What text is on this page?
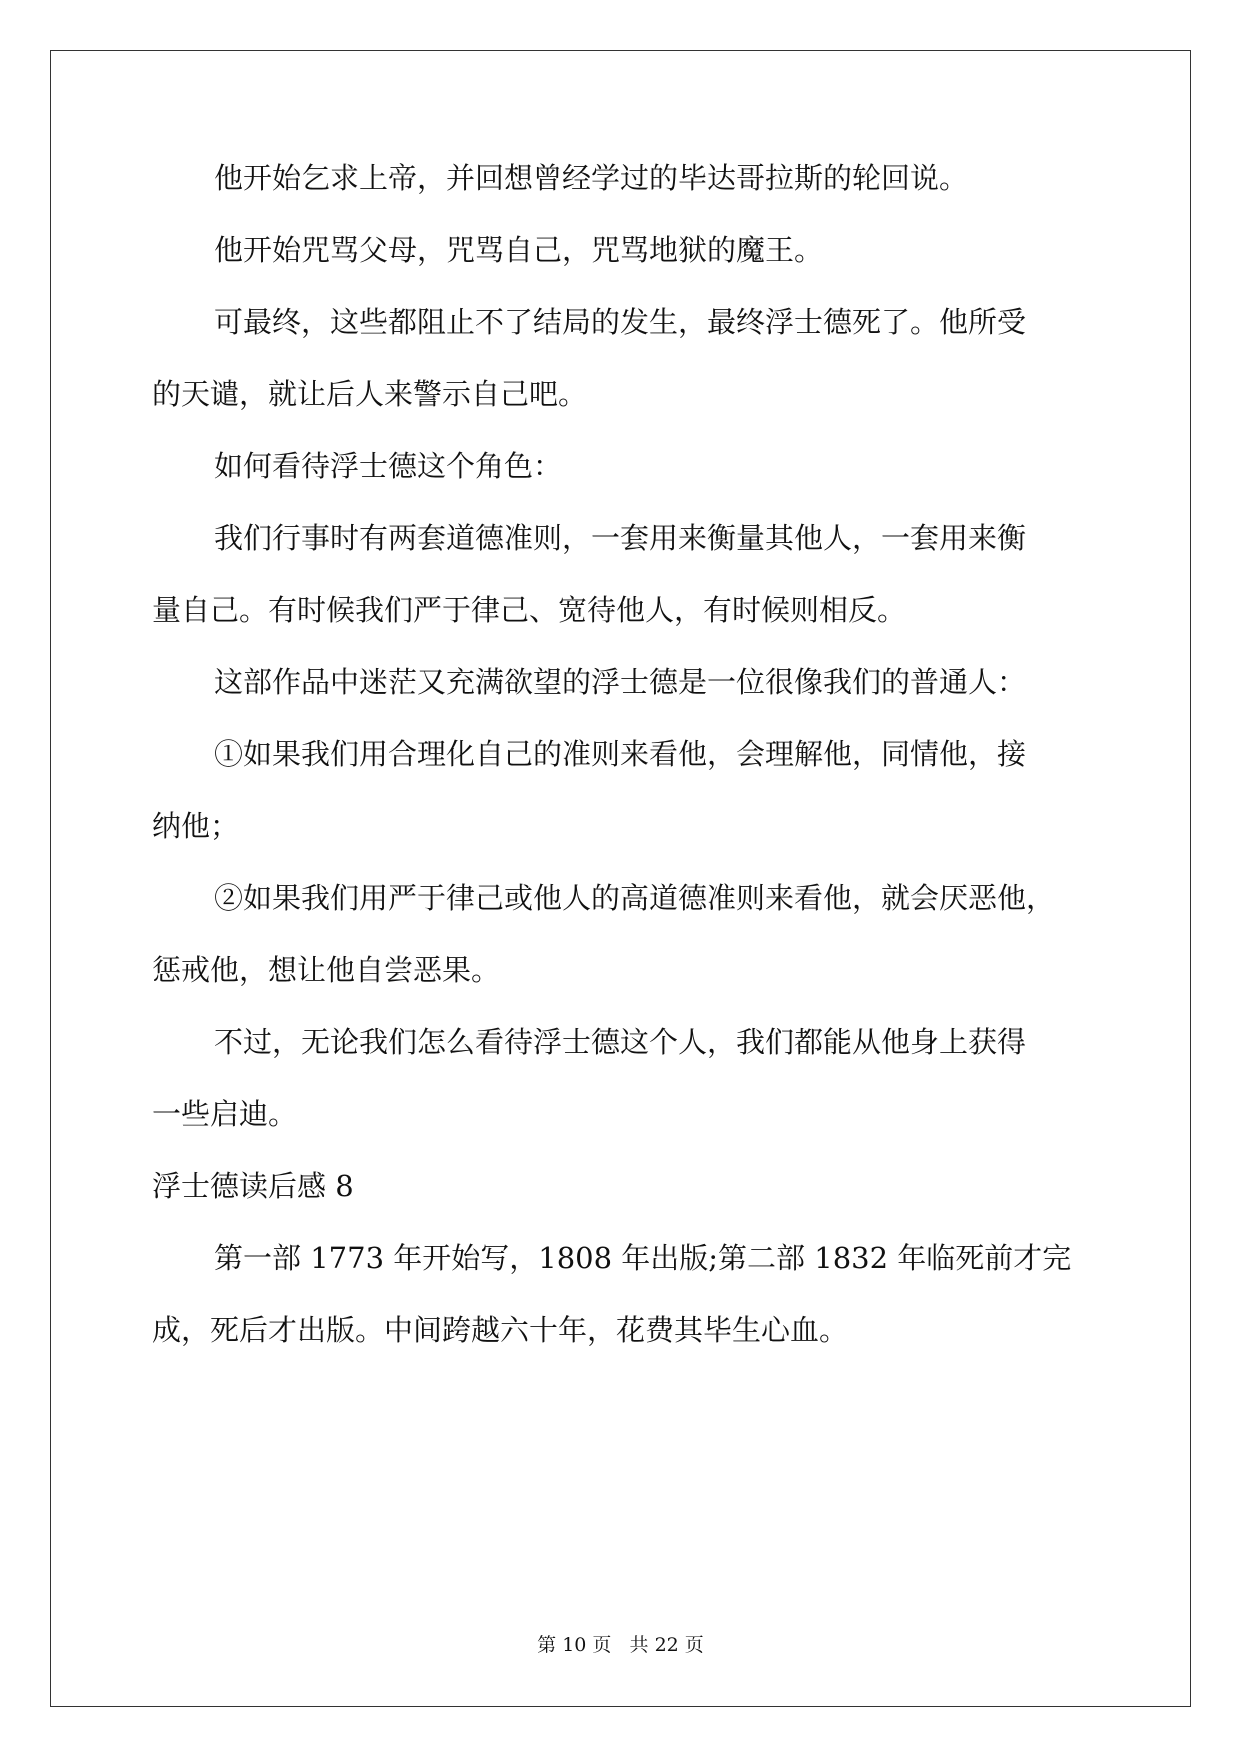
他开始乞求上帝，并回想曾经学过的毕达哥拉斯的轮回说。
他开始咒骂父母，咒骂自己，咒骂地狱的魔王。
可最终，这些都阻止不了结局的发生，最终浮士德死了。他所受
的天谴，就让后人来警示自己吧。
如何看待浮士德这个角色：
我们行事时有两套道德准则，一套用来衡量其他人，一套用来衡
量自己。有时候我们严于律己、宽待他人，有时候则相反。
这部作品中迷茫又充满欲望的浮士德是一位很像我们的普通人：
①如果我们用合理化自己的准则来看他，会理解他，同情他，接
纳他；
②如果我们用严于律己或他人的高道德准则来看他，就会厌恶他，
惩戒他，想让他自尝恶果。
不过，无论我们怎么看待浮士德这个人，我们都能从他身上获得
一些启迪。
浮士德读后感 8
第一部 1773 年开始写，1808 年出版;第二部 1832 年临死前才完
成，死后才出版。中间跨越六十年，花费其毕生心血。
第 10 页   共 22 页
